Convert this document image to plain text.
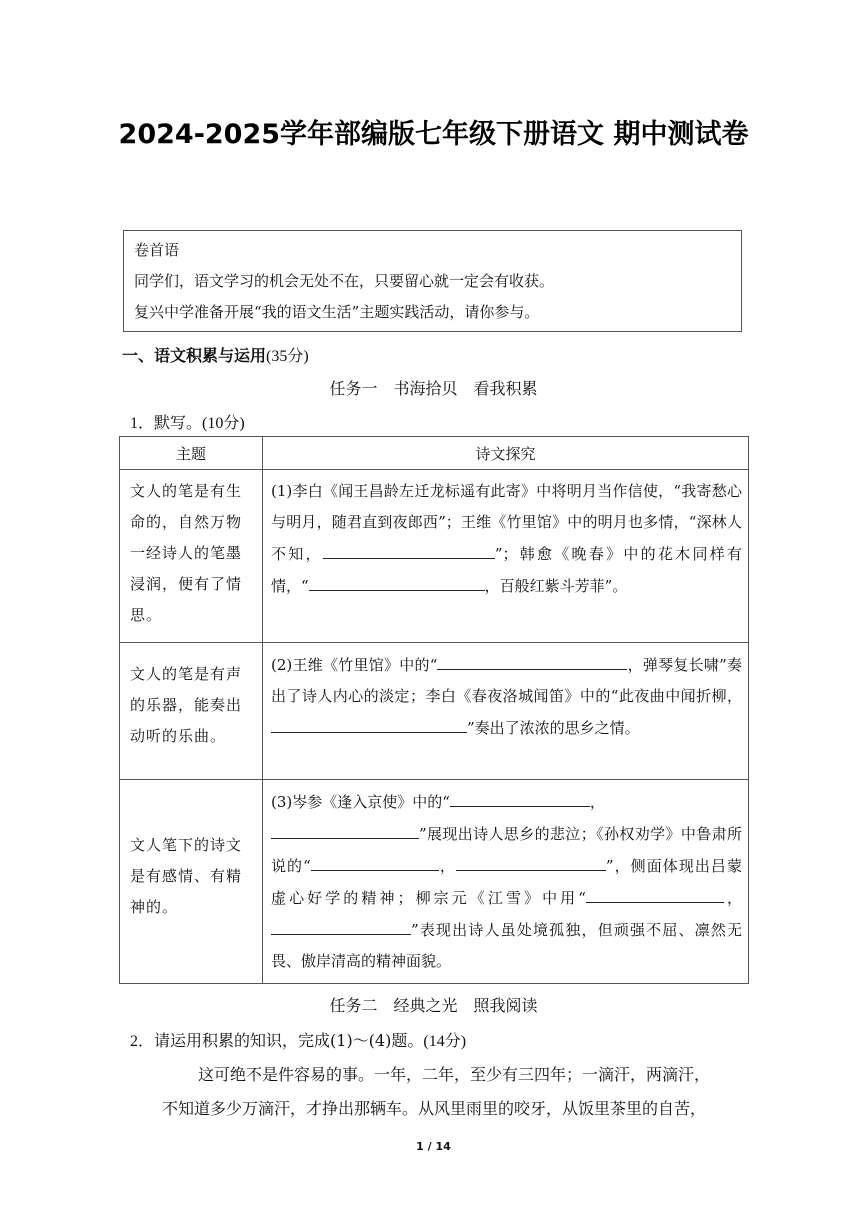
2024-2025学年部编版七年级下册语文 期中测试卷
卷首语
同学们，语文学习的机会无处不在，只要留心就一定会有收获。
复兴中学准备开展“我的语文生活”主题实践活动，请你参与。
一、语文积累与运用(35分)
任务一　书海拾贝　看我积累
1．默写。(10分)
主题	诗文探究

文人的笔是有生命的，自然万物一经诗人的笔墨浸润，便有了情思。	(1)李白《闻王昌龄左迁龙标遥有此寄》中将明月当作信使，“我寄愁心与明月，随君直到夜郎西”；王维《竹里馆》中的明月也多情，“深林人不知， ”；韩愈《晚春》中的花木同样有情，“ ，百般红紫斗芳菲”。

文人的笔是有声的乐器，能奏出动听的乐曲。	(2)王维《竹里馆》中的“ ，弹琴复长啸”奏出了诗人内心的淡定；李白《春夜洛城闻笛》中的“此夜曲中闻折柳，”奏出了浓浓的思乡之情。

文人笔下的诗文是有感情、有精神的。	(3)岑参《逢入京使》中的“ ，
”展现出诗人思乡的悲泣；《孙权劝学》中鲁肃所说的“ ， ”，侧面体现出吕蒙虚心好学的精神；柳宗元《江雪》中用“ ，”表现出诗人虽处境孤独，但顽强不屈、凛然无畏、傲岸清高的精神面貌。
任务二　经典之光　照我阅读
2．请运用积累的知识，完成(1)～(4)题。(14分)
这可绝不是件容易的事。一年，二年，至少有三四年；一滴汗，两滴汗，
不知道多少万滴汗，才挣出那辆车。从风里雨里的咬牙，从饭里茶里的自苦，
1 / 14
